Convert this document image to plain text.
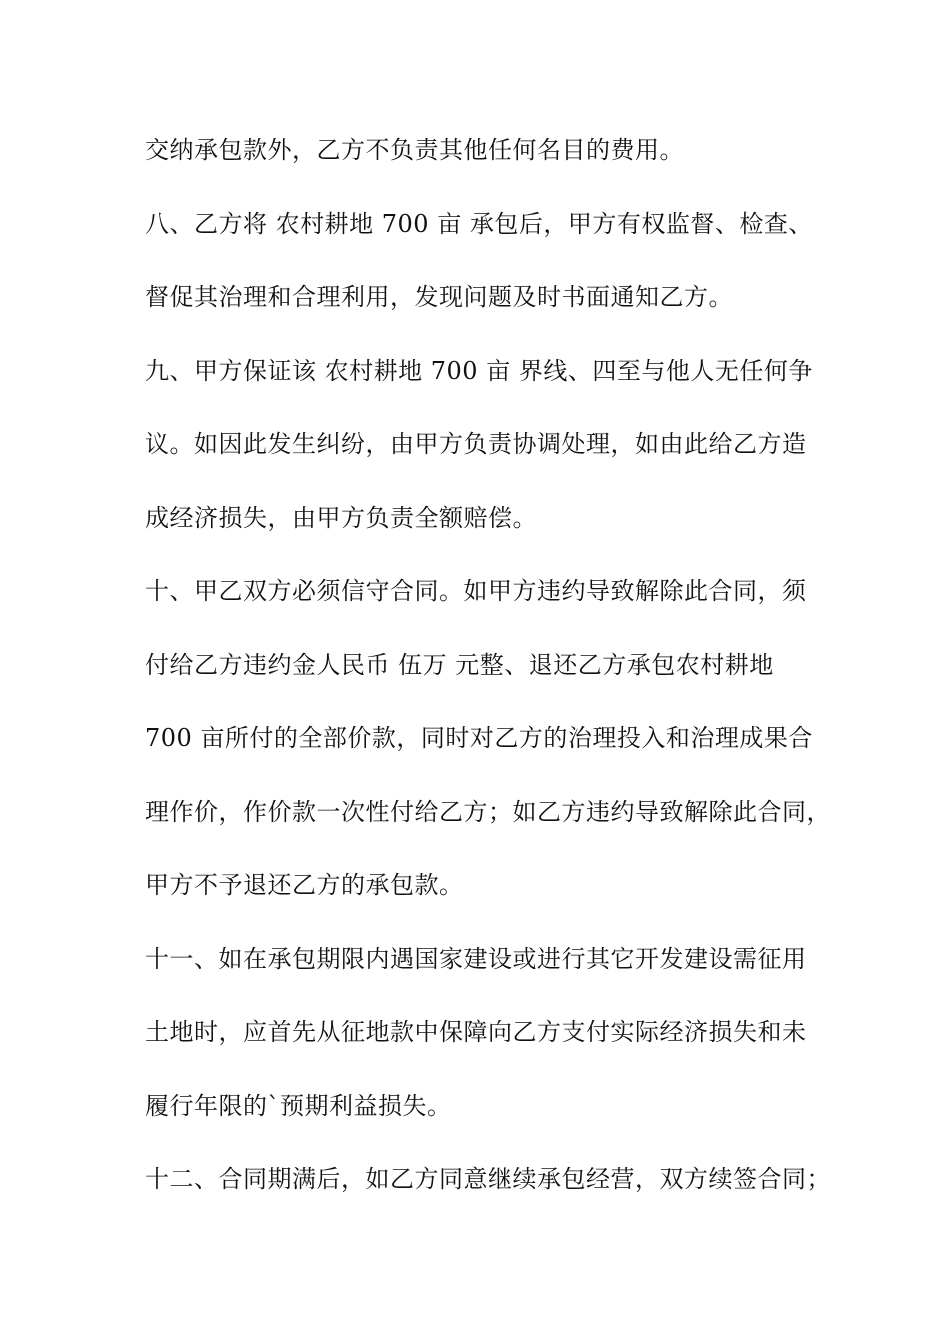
交纳承包款外，乙方不负责其他任何名目的费用。
八、乙方将 农村耕地 700 亩 承包后，甲方有权监督、检查、
督促其治理和合理利用，发现问题及时书面通知乙方。
九、甲方保证该 农村耕地 700 亩 界线、四至与他人无任何争
议。如因此发生纠纷，由甲方负责协调处理，如由此给乙方造
成经济损失，由甲方负责全额赔偿。
十、甲乙双方必须信守合同。如甲方违约导致解除此合同，须
付给乙方违约金人民币 伍万 元整、退还乙方承包农村耕地
700 亩所付的全部价款，同时对乙方的治理投入和治理成果合
理作价，作价款一次性付给乙方；如乙方违约导致解除此合同，
甲方不予退还乙方的承包款。
十一、如在承包期限内遇国家建设或进行其它开发建设需征用
土地时，应首先从征地款中保障向乙方支付实际经济损失和未
履行年限的`预期利益损失。
十二、合同期满后，如乙方同意继续承包经营，双方续签合同；
